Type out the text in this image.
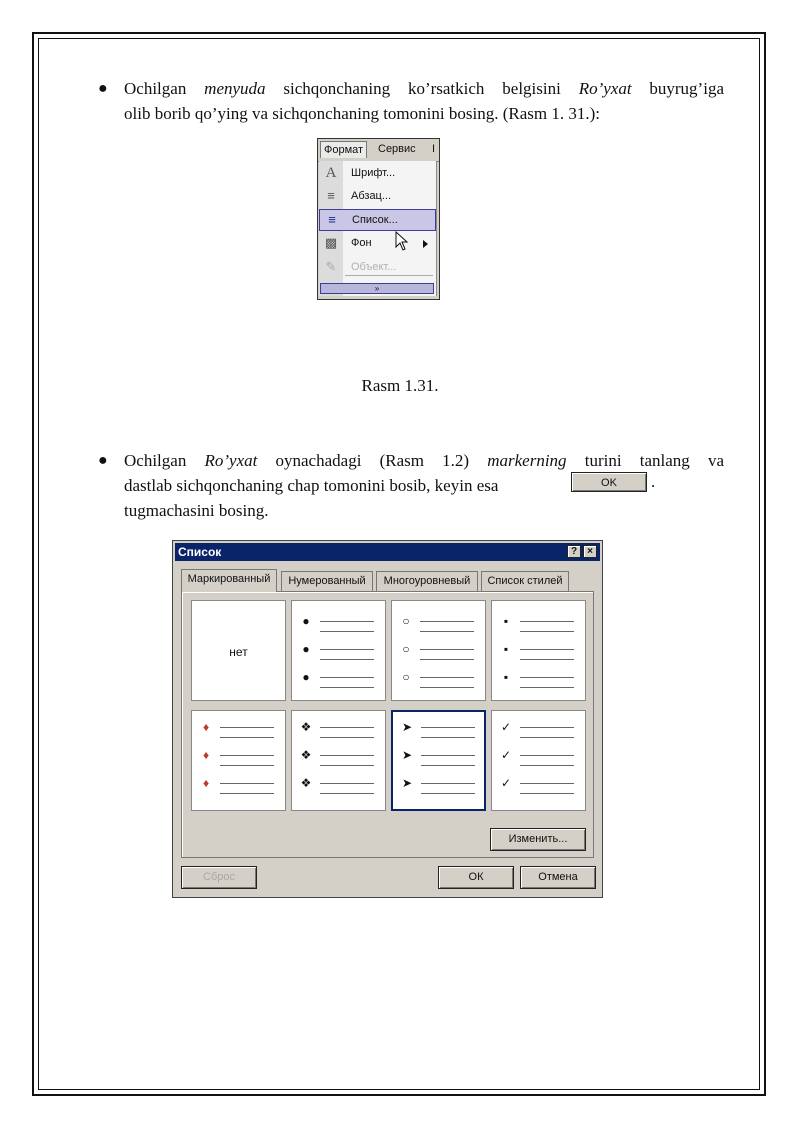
● Ochilgan menyuda sichqonchaning ko’rsatkich belgisini Ro’yxat buyrug’iga
olib borib qo’ying va sichqonchaning tomonini bosing. (Rasm 1. 31.):
Формат	Сервис I
A Шрифт...
≡ Абзац...
≡ Список...
▩ Фон
✎ Объект...
»
Rasm 1.31.
● Ochilgan Ro’yxat oynachadagi (Rasm 1.2) markerning turini tanlang va
dastlab sichqonchaning chap tomonini bosib, keyin esa
tugmachasini bosing.
OK	.
Список	?	×
Маркированный	Нумерованный	Многоуровневый	Список стилей
нет
●
●
●
○
○
○
▪
▪
▪
♦
♦
♦
❖
❖
❖
➤
➤
➤
✓
✓
✓
Изменить...
Сброс	ОК	Отмена
